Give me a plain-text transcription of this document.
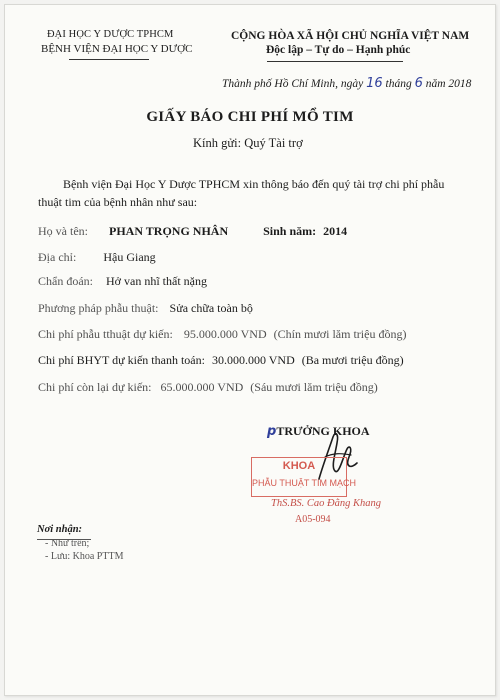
ĐẠI HỌC Y DƯỢC TPHCM
BỆNH VIỆN ĐẠI HỌC Y DƯỢC
CỘNG HÒA XÃ HỘI CHỦ NGHĨA VIỆT NAM
Độc lập – Tự do – Hạnh phúc
Thành phố Hồ Chí Minh, ngày 16 tháng 6 năm 2018
GIẤY BÁO CHI PHÍ MỔ TIM
Kính gửi: Quý Tài trợ
Bệnh viện Đại Học Y Dược TPHCM xin thông báo đến quý tài trợ chi phí phẫu
thuật tim của bệnh nhân như sau:
Họ và tên: PHAN TRỌNG NHÂN	Sinh năm: 2014
Địa chỉ: Hậu Giang
Chẩn đoán: Hở van nhĩ thất nặng
Phương pháp phẫu thuật: Sửa chữa toàn bộ
Chi phí phẫu tthuật dự kiến: 95.000.000 VND (Chín mươi lăm triệu đồng)
Chi phí BHYT dự kiến thanh toán: 30.000.000 VND (Ba mươi triệu đồng)
Chi phí còn lại dự kiến: 65.000.000 VND (Sáu mươi lăm triệu đồng)
pTRƯỞNG KHOA
KHOA
PHẪU THUẬT TIM MẠCH
ThS.BS. Cao Đằng Khang
A05-094
Nơi nhận:
- Như trên;
- Lưu: Khoa PTTM
